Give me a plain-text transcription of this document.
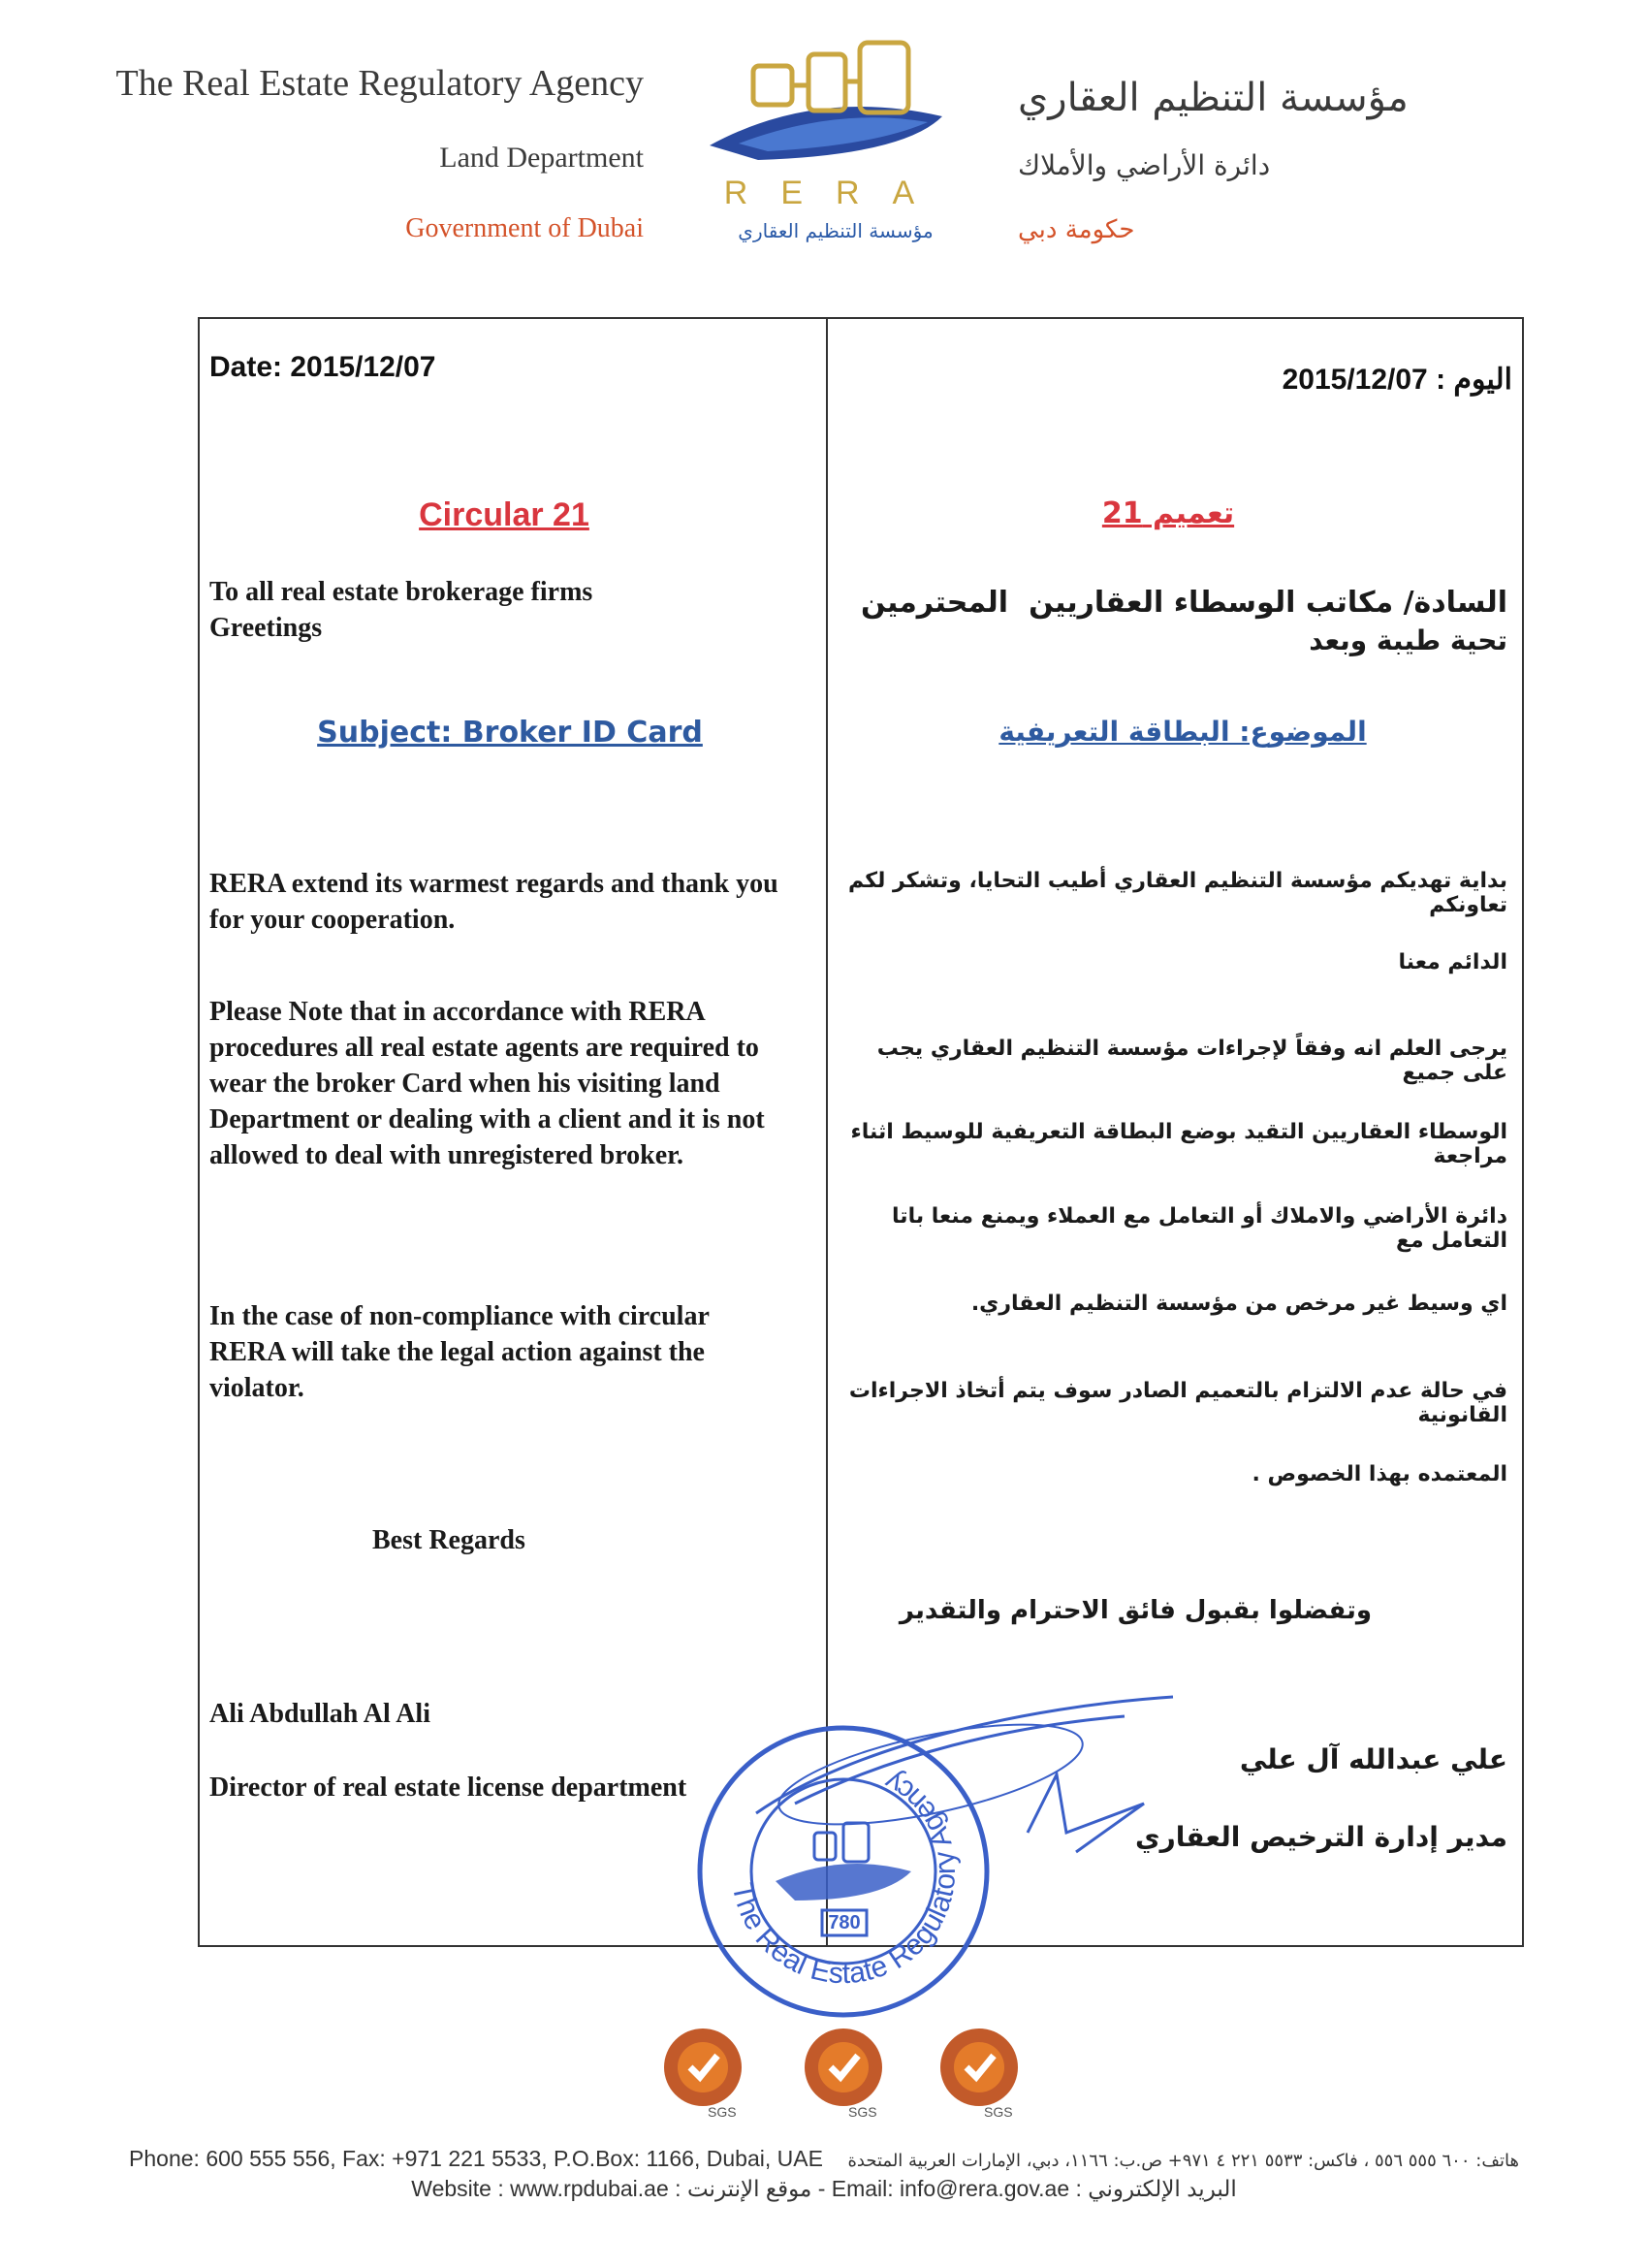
The Real Estate Regulatory Agency
Land Department
Government of Dubai
RERA
مؤسسة التنظيم العقاري
مؤسسة التنظيم العقاري
دائرة الأراضي والأملاك
حكومة دبي
Date: 2015/12/07
Circular 21
To all real estate brokerage firms
Greetings
Subject: Broker ID Card
RERA extend its warmest regards and thank you for your cooperation.
Please Note that in accordance with RERA procedures all real estate agents are required to wear the broker Card when his visiting land Department or dealing with a client and it is not allowed to deal with unregistered broker.
In the case of non-compliance with circular RERA will take the legal action against the violator.
Best Regards
Ali Abdullah Al Ali
Director of real estate license department
اليوم : 2015/12/07
تعميم 21
السادة/ مكاتب الوسطاء العقاريين
المحترمين
تحية طيبة وبعد
الموضوع: البطاقة التعريفية
بداية تهديكم مؤسسة التنظيم العقاري أطيب التحايا، وتشكر لكم تعاونكم
الدائم معنا
يرجى العلم انه وفقاً لإجراءات مؤسسة التنظيم العقاري يجب على جميع
الوسطاء العقاريين التقيد بوضع البطاقة التعريفية للوسيط اثناء مراجعة
دائرة الأراضي والاملاك أو التعامل مع العملاء ويمنع منعا باتا التعامل مع
اي وسيط غير مرخص من مؤسسة التنظيم العقاري.
في حالة عدم الالتزام بالتعميم الصادر سوف يتم أتخاذ الاجراءات القانونية
المعتمده بهذا الخصوص .
وتفضلوا بقبول فائق الاحترام والتقدير
علي عبدالله آل علي
مدير إدارة الترخيص العقاري
The Real Estate Regulatory Agency
780
SGS	SGS	SGS
Phone: 600 555 556, Fax: +971 221 5533, P.O.Box: 1166, Dubai, UAE هاتف: ٦٠٠ ٥٥٥ ٥٥٦ ، فاكس: ٥٥٣٣ ٢٢١ ٤ ٩٧١+ ص.ب: ١١٦٦، دبي، الإمارات العربية المتحدة
Website : www.rpdubai.ae : موقع الإنترنت - Email: info@rera.gov.ae : البريد الإلكتروني
